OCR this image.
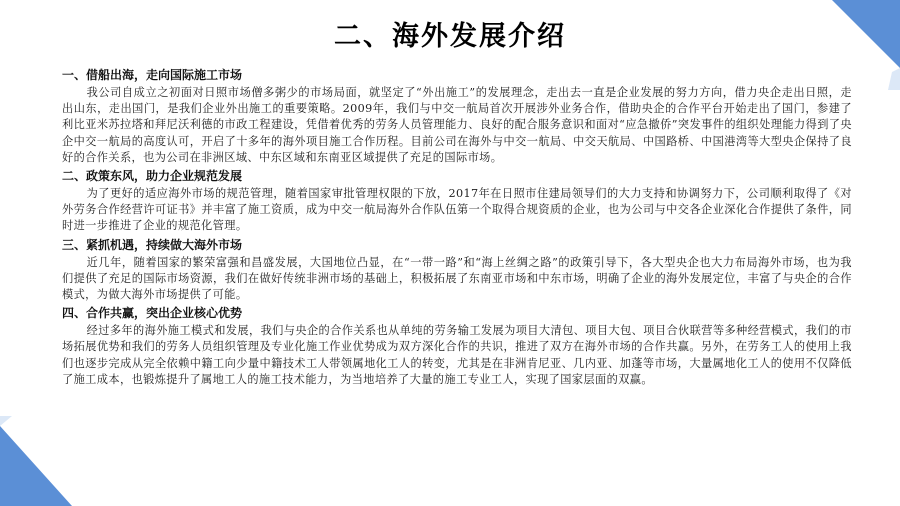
二、海外发展介绍
一、借船出海，走向国际施工市场
我公司自成立之初面对日照市场僧多粥少的市场局面，就坚定了“外出施工”的发展理念，走出去一直是企业发展的努力方向，借力央企走出日照，走出山东，走出国门，是我们企业外出施工的重要策略。2009年，我们与中交一航局首次开展涉外业务合作，借助央企的合作平台开始走出了国门，参建了利比亚米苏拉塔和拜尼沃利德的市政工程建设，凭借着优秀的劳务人员管理能力、良好的配合服务意识和面对“应急撤侨”突发事件的组织处理能力得到了央企中交一航局的高度认可，开启了十多年的海外项目施工合作历程。目前公司在海外与中交一航局、中交天航局、中国路桥、中国港湾等大型央企保持了良好的合作关系，也为公司在非洲区域、中东区域和东南亚区域提供了充足的国际市场。
二、政策东风，助力企业规范发展
为了更好的适应海外市场的规范管理，随着国家审批管理权限的下放，2017年在日照市住建局领导们的大力支持和协调努力下，公司顺利取得了《对外劳务合作经营许可证书》并丰富了施工资质，成为中交一航局海外合作队伍第一个取得合规资质的企业，也为公司与中交各企业深化合作提供了条件，同时进一步推进了企业的规范化管理。
三、紧抓机遇，持续做大海外市场
近几年，随着国家的繁荣富强和昌盛发展，大国地位凸显，在“一带一路”和“海上丝绸之路”的政策引导下，各大型央企也大力布局海外市场，也为我们提供了充足的国际市场资源，我们在做好传统非洲市场的基础上，积极拓展了东南亚市场和中东市场，明确了企业的海外发展定位，丰富了与央企的合作模式，为做大海外市场提供了可能。
四、合作共赢，突出企业核心优势
经过多年的海外施工模式和发展，我们与央企的合作关系也从单纯的劳务输工发展为项目大清包、项目大包、项目合伙联营等多种经营模式，我们的市场拓展优势和我们的劳务人员组织管理及专业化施工作业优势成为双方深化合作的共识，推进了双方在海外市场的合作共赢。另外，在劳务工人的使用上我们也逐步完成从完全依赖中籍工向少量中籍技术工人带领属地化工人的转变，尤其是在非洲肯尼亚、几内亚、加蓬等市场，大量属地化工人的使用不仅降低了施工成本，也锻炼提升了属地工人的施工技术能力，为当地培养了大量的施工专业工人，实现了国家层面的双赢。
